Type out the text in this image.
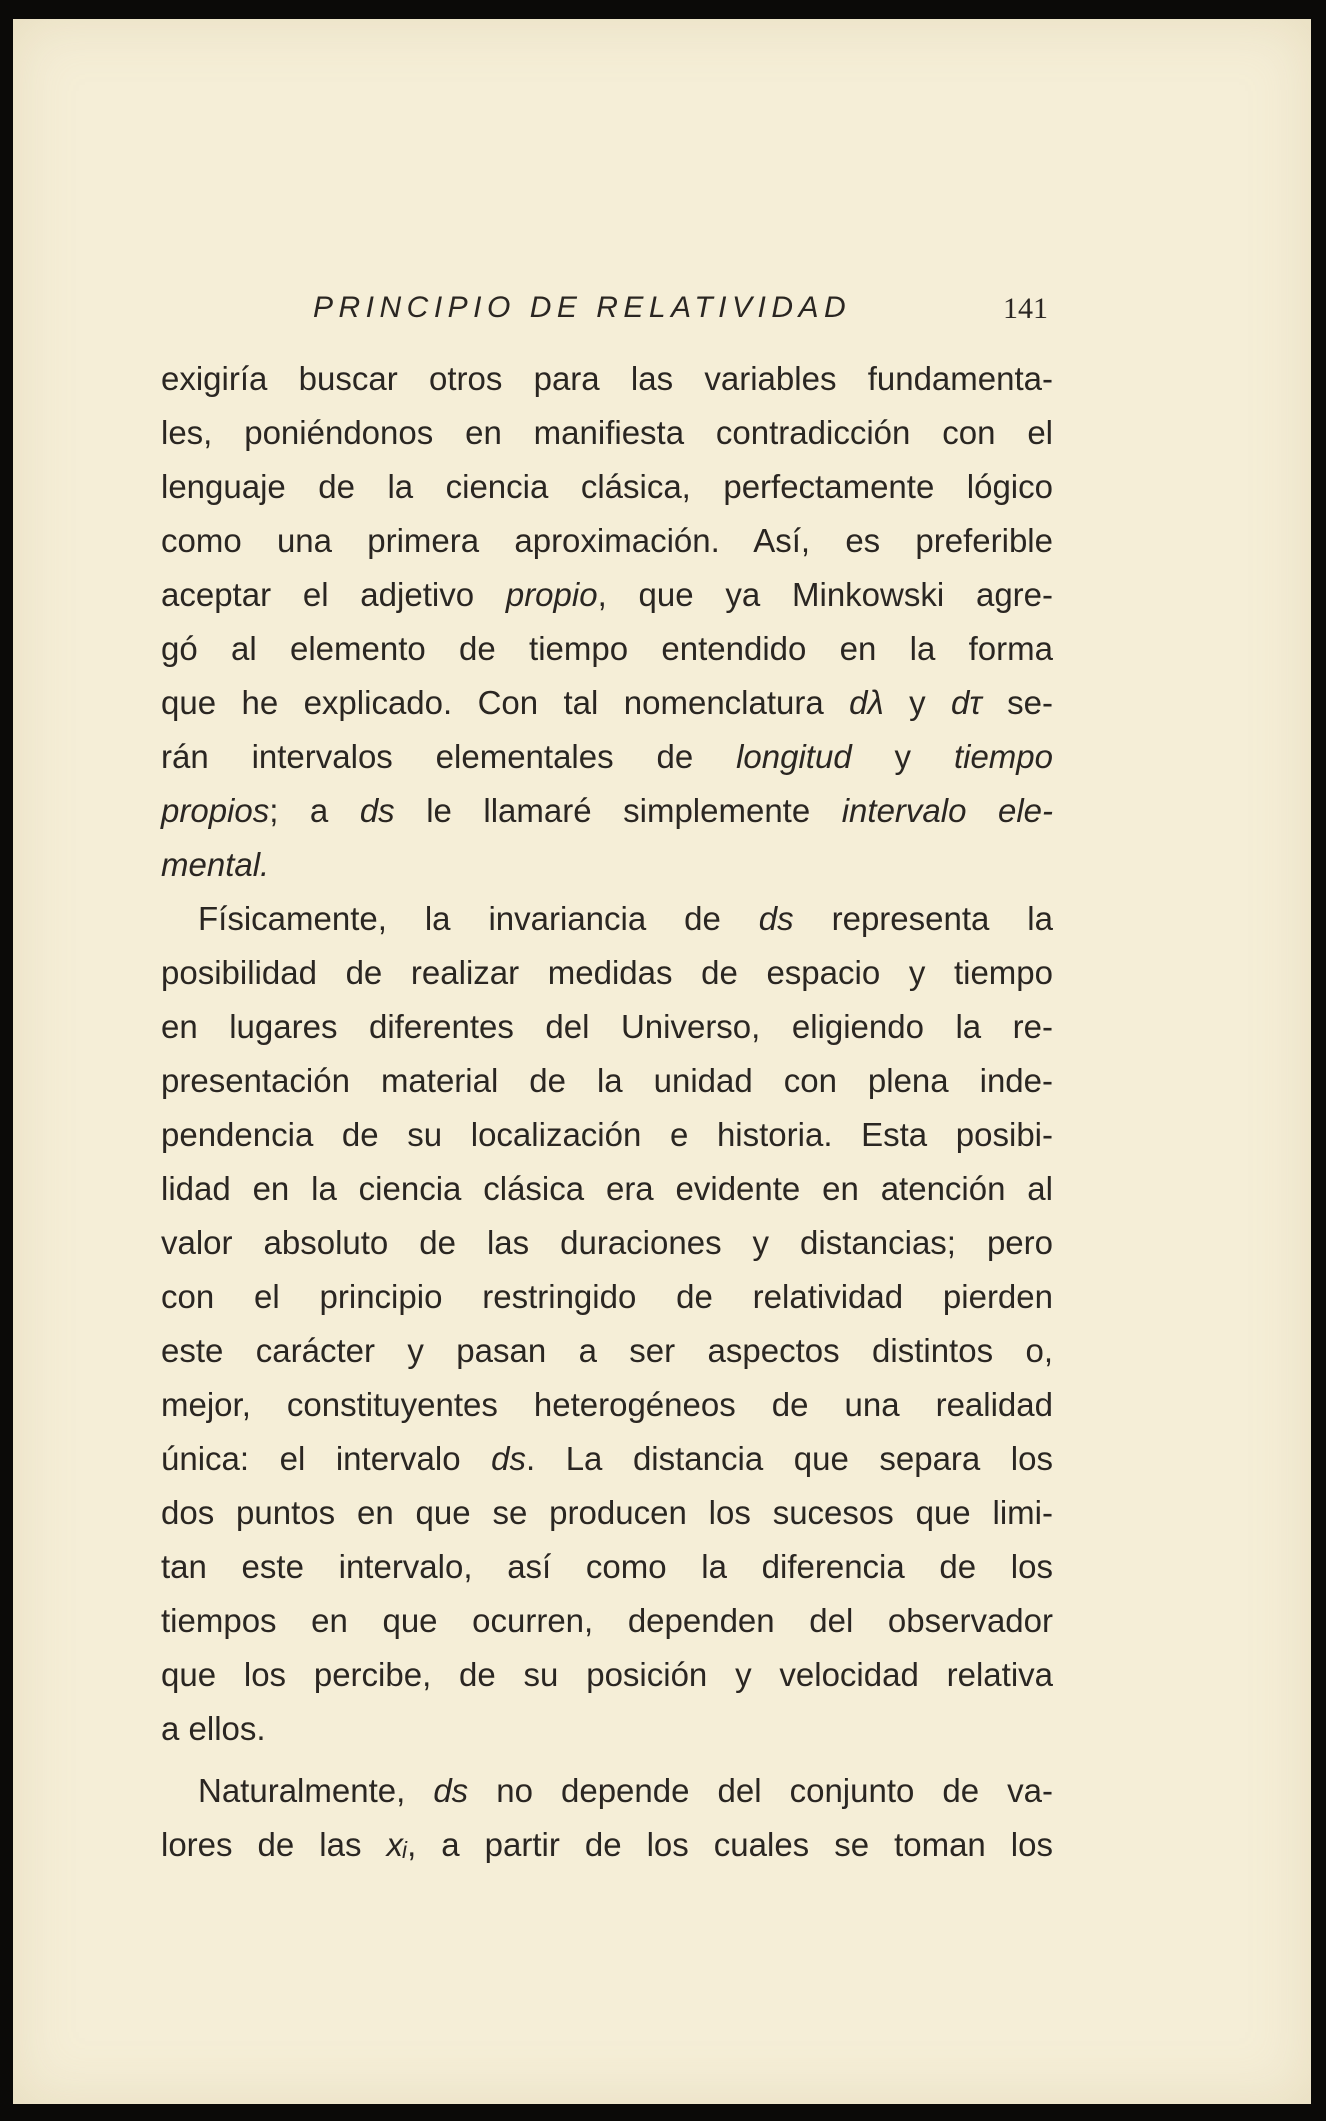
PRINCIPIO DE RELATIVIDAD	141
exigiría buscar otros para las variables fundamenta-
les, poniéndonos en manifiesta contradicción con el
lenguaje de la ciencia clásica, perfectamente lógico
como una primera aproximación. Así, es preferible
aceptar el adjetivo propio, que ya Minkowski agre-
gó al elemento de tiempo entendido en la forma
que he explicado. Con tal nomenclatura dλ y dτ se-
rán intervalos elementales de longitud y tiempo
propios; a ds le llamaré simplemente intervalo ele-
mental.
Físicamente, la invariancia de ds representa la
posibilidad de realizar medidas de espacio y tiempo
en lugares diferentes del Universo, eligiendo la re-
presentación material de la unidad con plena inde-
pendencia de su localización e historia. Esta posibi-
lidad en la ciencia clásica era evidente en atención al
valor absoluto de las duraciones y distancias; pero
con el principio restringido de relatividad pierden
este carácter y pasan a ser aspectos distintos o,
mejor, constituyentes heterogéneos de una realidad
única: el intervalo ds. La distancia que separa los
dos puntos en que se producen los sucesos que limi-
tan este intervalo, así como la diferencia de los
tiempos en que ocurren, dependen del observador
que los percibe, de su posición y velocidad relativa
a ellos.
Naturalmente, ds no depende del conjunto de va-
lores de las xᵢ, a partir de los cuales se toman los
